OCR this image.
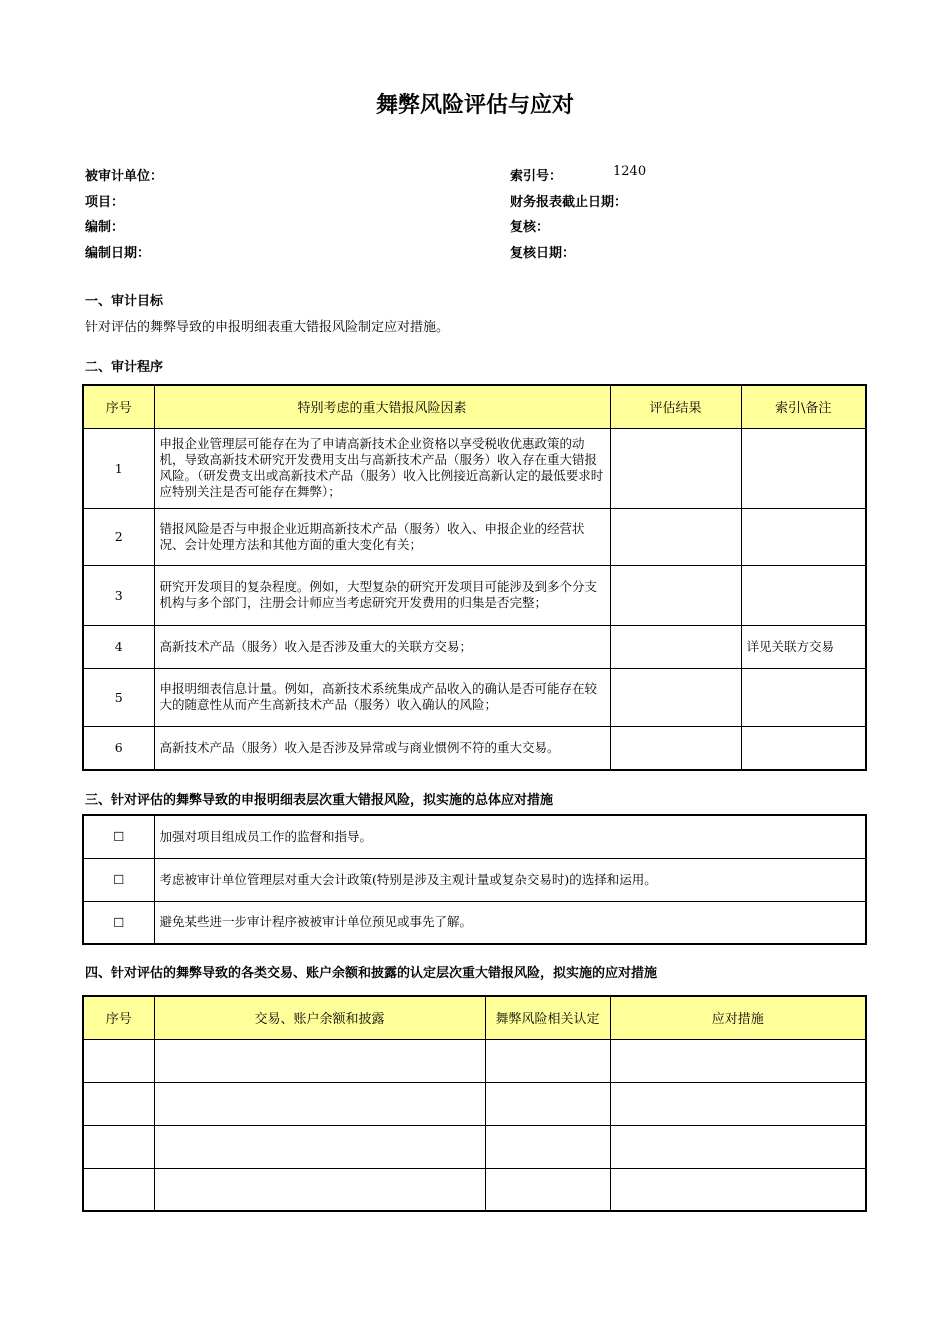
舞弊风险评估与应对
被审计单位：	索引号：	1240
项目：	财务报表截止日期：
编制：	复核：
编制日期：	复核日期：
一、审计目标
针对评估的舞弊导致的申报明细表重大错报风险制定应对措施。
二、审计程序
序号	特别考虑的重大错报风险因素	评估结果	索引\备注
1	申报企业管理层可能存在为了申请高新技术企业资格以享受税收优惠政策的动机，导致高新技术研究开发费用支出与高新技术产品（服务）收入存在重大错报风险。（研发费支出或高新技术产品（服务）收入比例接近高新认定的最低要求时应特别关注是否可能存在舞弊）；		
2	错报风险是否与申报企业近期高新技术产品（服务）收入、申报企业的经营状况、会计处理方法和其他方面的重大变化有关；		
3	研究开发项目的复杂程度。例如，大型复杂的研究开发项目可能涉及到多个分支机构与多个部门，注册会计师应当考虑研究开发费用的归集是否完整；		
4	高新技术产品（服务）收入是否涉及重大的关联方交易；		详见关联方交易
5	申报明细表信息计量。例如，高新技术系统集成产品收入的确认是否可能存在较大的随意性从而产生高新技术产品（服务）收入确认的风险；		
6	高新技术产品（服务）收入是否涉及异常或与商业惯例不符的重大交易。		
三、针对评估的舞弊导致的申报明细表层次重大错报风险，拟实施的总体应对措施
☐	加强对项目组成员工作的监督和指导。
☐	考虑被审计单位管理层对重大会计政策(特别是涉及主观计量或复杂交易时)的选择和运用。
☐	避免某些进一步审计程序被被审计单位预见或事先了解。
四、针对评估的舞弊导致的各类交易、账户余额和披露的认定层次重大错报风险，拟实施的应对措施
序号	交易、账户余额和披露	舞弊风险相关认定	应对措施
